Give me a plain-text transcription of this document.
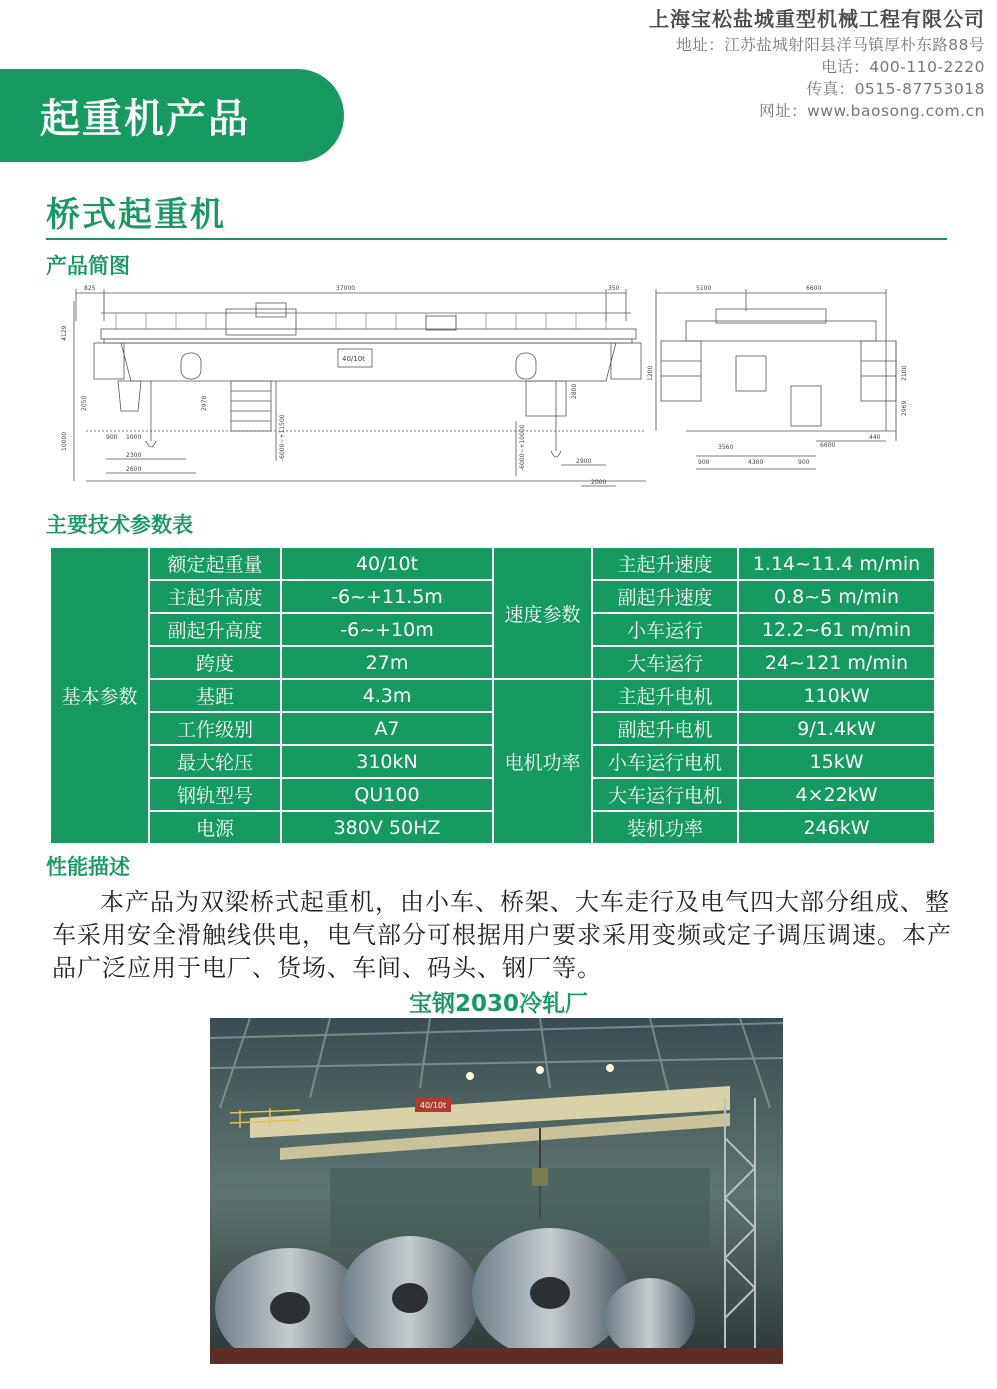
上海宝松盐城重型机械工程有限公司
地址：江苏盐城射阳县洋马镇厚朴东路88号
电话：400-110-2220
传真：0515-87753018
网址：www.baosong.com.cn
起重机产品
桥式起重机
产品简图
825	37000	350
40/10t
4129
2050	2978
10000	900 1000
2300
2600
-6000~+11500	-6000~+10000	2900
2000
2800
5100	6600
3560
900	4300	900
6600
1200	2100
2969
440
主要技术参数表
基本参数	额定起重量	40/10t	速度参数	主起升速度	1.14~11.4 m/min
	主起升高度	-6~+11.5m		副起升速度	0.8~5 m/min
	副起升高度	-6~+10m		小车运行	12.2~61 m/min
	跨度	27m		大车运行	24~121 m/min
	基距	4.3m	电机功率	主起升电机	110kW
	工作级别	A7		副起升电机	9/1.4kW
	最大轮压	310kN		小车运行电机	15kW
	钢轨型号	QU100		大车运行电机	4×22kW
	电源	380V 50HZ		装机功率	246kW
性能描述

本产品为双梁桥式起重机，由小车、桥架、大车走行及电气四大部分组成、整车采用安全滑触线供电，电气部分可根据用户要求采用变频或定子调压调速。本产品广泛应用于电厂、货场、车间、码头、钢厂等。

宝钢2030冷轧厂
40/10t
